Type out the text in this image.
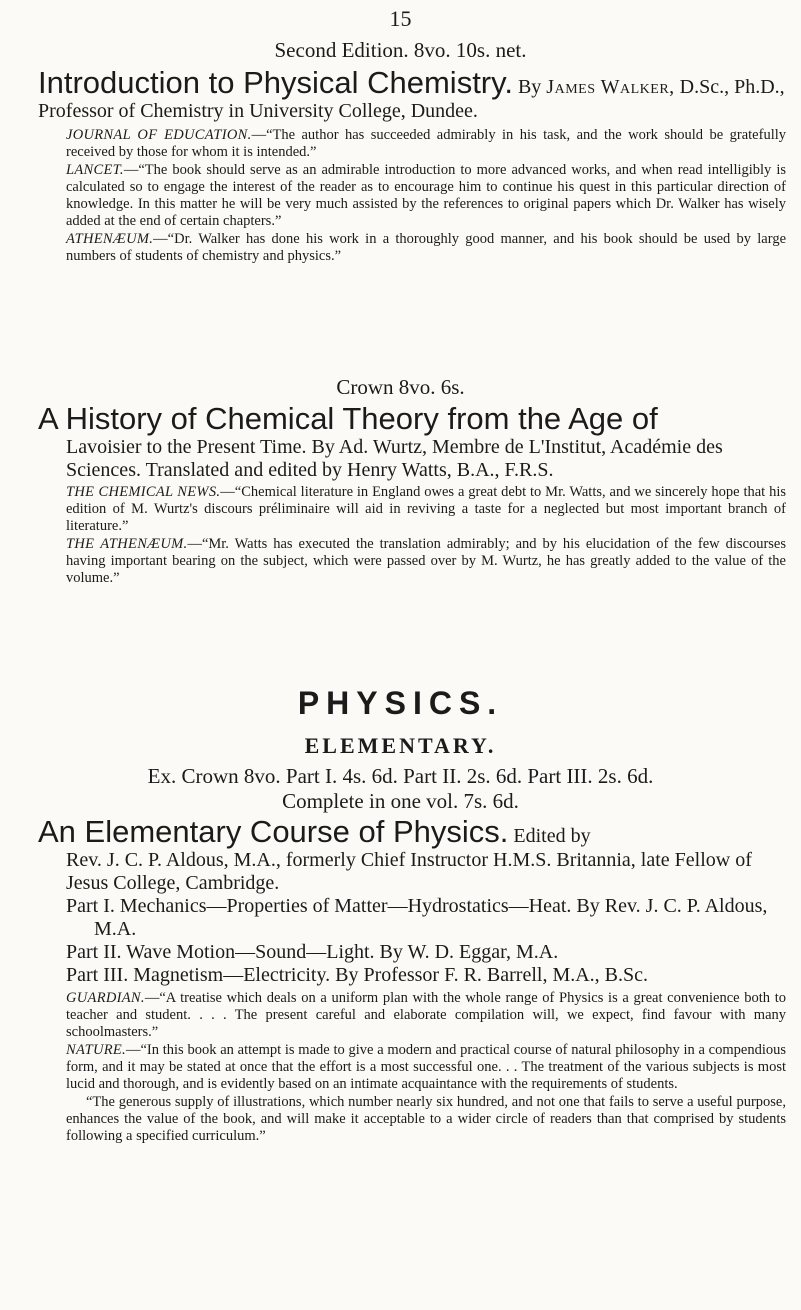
15
Second Edition. 8vo. 10s. net.
Introduction to Physical Chemistry. By James Walker, D.Sc., Ph.D., Professor of Chemistry in University College, Dundee.

JOURNAL OF EDUCATION.—“The author has succeeded admirably in his task, and the work should be gratefully received by those for whom it is intended.”

LANCET.—“The book should serve as an admirable introduction to more advanced works, and when read intelligibly is calculated so to engage the interest of the reader as to encourage him to continue his quest in this particular direction of knowledge. In this matter he will be very much assisted by the references to original papers which Dr. Walker has wisely added at the end of certain chapters.”

ATHENÆUM.—“Dr. Walker has done his work in a thoroughly good manner, and his book should be used by large numbers of students of chemistry and physics.”

Crown 8vo. 6s.
A History of Chemical Theory from the Age of
Lavoisier to the Present Time. By Ad. Wurtz, Membre de L'Institut, Académie des Sciences. Translated and edited by Henry Watts, B.A., F.R.S.

THE CHEMICAL NEWS.—“Chemical literature in England owes a great debt to Mr. Watts, and we sincerely hope that his edition of M. Wurtz's discours préliminaire will aid in reviving a taste for a neglected but most important branch of literature.”

THE ATHENÆUM.—“Mr. Watts has executed the translation admirably; and by his elucidation of the few discourses having important bearing on the subject, which were passed over by M. Wurtz, he has greatly added to the value of the volume.”

PHYSICS.
ELEMENTARY.
Ex. Crown 8vo. Part I. 4s. 6d. Part II. 2s. 6d. Part III. 2s. 6d.
Complete in one vol. 7s. 6d.
An Elementary Course of Physics. Edited by
Rev. J. C. P. Aldous, M.A., formerly Chief Instructor H.M.S. Britannia, late Fellow of Jesus College, Cambridge.
Part I. Mechanics—Properties of Matter—Hydrostatics—Heat. By Rev. J. C. P. Aldous, M.A.
Part II. Wave Motion—Sound—Light. By W. D. Eggar, M.A.
Part III. Magnetism—Electricity. By Professor F. R. Barrell, M.A., B.Sc.

GUARDIAN.—“A treatise which deals on a uniform plan with the whole range of Physics is a great convenience both to teacher and student. . . . The present careful and elaborate compilation will, we expect, find favour with many schoolmasters.”

NATURE.—“In this book an attempt is made to give a modern and practical course of natural philosophy in a compendious form, and it may be stated at once that the effort is a most successful one. . . The treatment of the various subjects is most lucid and thorough, and is evidently based on an intimate acquaintance with the requirements of students.

“The generous supply of illustrations, which number nearly six hundred, and not one that fails to serve a useful purpose, enhances the value of the book, and will make it acceptable to a wider circle of readers than that comprised by students following a specified curriculum.”
